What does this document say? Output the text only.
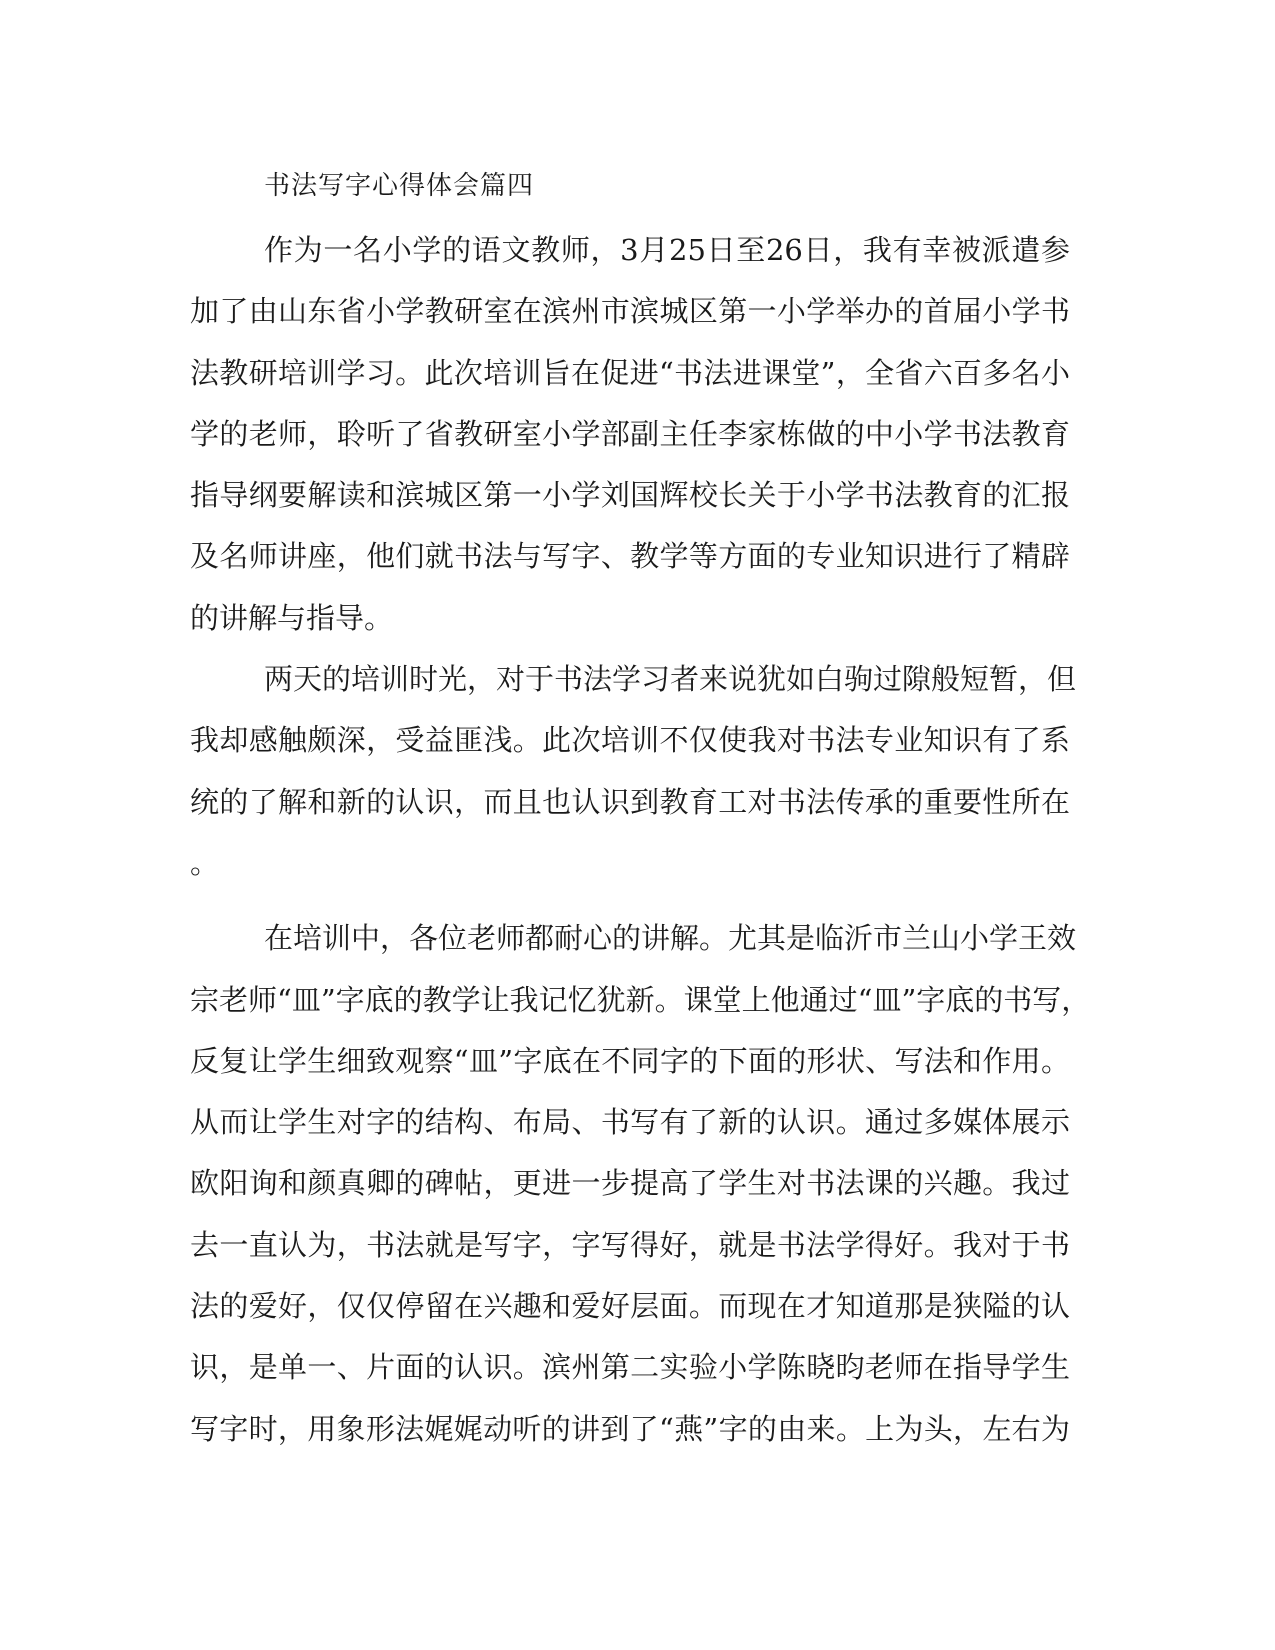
书法写字心得体会篇四
作为一名小学的语文教师，3月25日至26日，我有幸被派遣参
加了由山东省小学教研室在滨州市滨城区第一小学举办的首届小学书
法教研培训学习。此次培训旨在促进“书法进课堂”，全省六百多名小
学的老师，聆听了省教研室小学部副主任李家栋做的中小学书法教育
指导纲要解读和滨城区第一小学刘国辉校长关于小学书法教育的汇报
及名师讲座，他们就书法与写字、教学等方面的专业知识进行了精辟
的讲解与指导。
两天的培训时光，对于书法学习者来说犹如白驹过隙般短暂，但
我却感触颇深，受益匪浅。此次培训不仅使我对书法专业知识有了系
统的了解和新的认识，而且也认识到教育工对书法传承的重要性所在
。
在培训中，各位老师都耐心的讲解。尤其是临沂市兰山小学王效
宗老师“皿”字底的教学让我记忆犹新。课堂上他通过“皿”字底的书写，
反复让学生细致观察“皿”字底在不同字的下面的形状、写法和作用。
从而让学生对字的结构、布局、书写有了新的认识。通过多媒体展示
欧阳询和颜真卿的碑帖，更进一步提高了学生对书法课的兴趣。我过
去一直认为，书法就是写字，字写得好，就是书法学得好。我对于书
法的爱好，仅仅停留在兴趣和爱好层面。而现在才知道那是狭隘的认
识，是单一、片面的认识。滨州第二实验小学陈晓昀老师在指导学生
写字时，用象形法娓娓动听的讲到了“燕”字的由来。上为头，左右为
